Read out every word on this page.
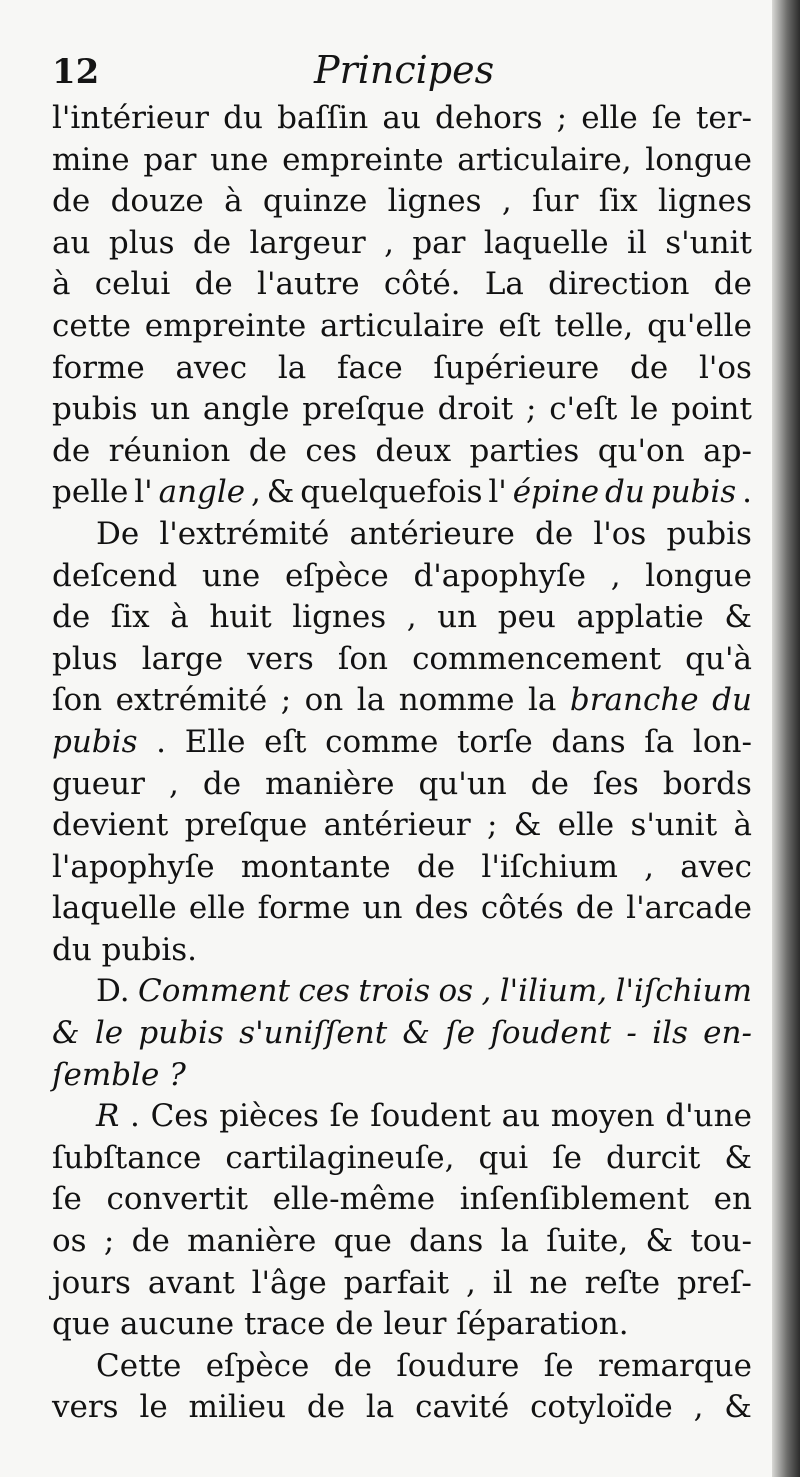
12	Principes
l'intérieur du baſſin au dehors ; elle ſe ter-
mine par une empreinte articulaire, longue
de douze à quinze lignes , ſur ſix lignes
au plus de largeur , par laquelle il s'unit
à celui de l'autre côté. La direction de
cette empreinte articulaire eſt telle, qu'elle
forme avec la face ſupérieure de l'os
pubis un angle preſque droit ; c'eſt le point
de réunion de ces deux parties qu'on ap-
pelle l' angle , & quelquefois l' épine du pubis .
De l'extrémité antérieure de l'os pubis
deſcend une eſpèce d'apophyſe , longue
de ſix à huit lignes , un peu applatie &
plus large vers ſon commencement qu'à
ſon extrémité ; on la nomme la branche du
pubis . Elle eſt comme torſe dans ſa lon-
gueur , de manière qu'un de ſes bords
devient preſque antérieur ; & elle s'unit à
l'apophyſe montante de l'iſchium , avec
laquelle elle forme un des côtés de l'arcade
du pubis.
D. Comment ces trois os , l'ilium, l'iſchium
& le pubis s'uniſſent & ſe ſoudent - ils en-
ſemble ?
R . Ces pièces ſe ſoudent au moyen d'une
ſubſtance cartilagineuſe, qui ſe durcit &
ſe convertit elle-même inſenſiblement en
os ; de manière que dans la ſuite, & tou-
jours avant l'âge parfait , il ne reſte preſ-
que aucune trace de leur ſéparation.
Cette eſpèce de ſoudure ſe remarque
vers le milieu de la cavité cotyloïde , &
